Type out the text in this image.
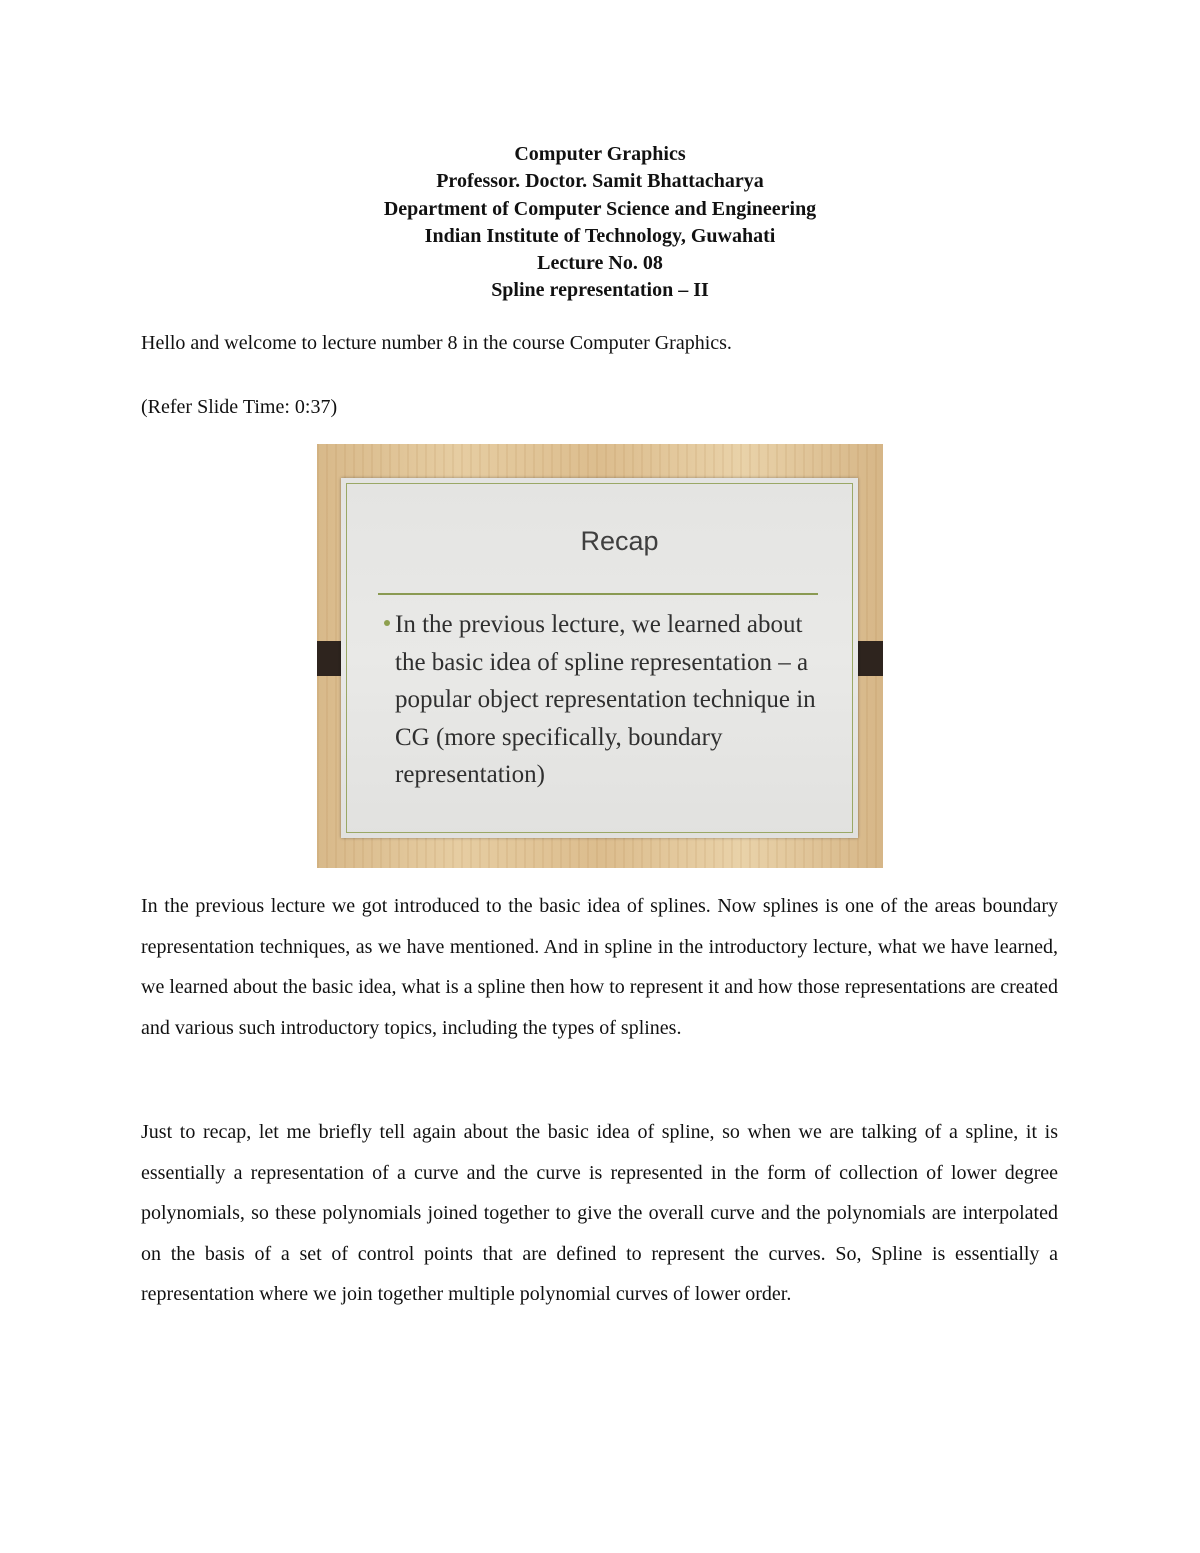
Computer Graphics
Professor. Doctor. Samit Bhattacharya
Department of Computer Science and Engineering
Indian Institute of Technology, Guwahati
Lecture No. 08
Spline representation – II

Hello and welcome to lecture number 8 in the course Computer Graphics.

(Refer Slide Time: 0:37)

Recap
In the previous lecture, we learned about the basic idea of spline representation – a popular object representation technique in CG (more specifically, boundary representation)

In the previous lecture we got introduced to the basic idea of splines. Now splines is one of the areas boundary representation techniques, as we have mentioned. And in spline in the introductory lecture, what we have learned, we learned about the basic idea, what is a spline then how to represent it and how those representations are created and various such introductory topics, including the types of splines.

Just to recap, let me briefly tell again about the basic idea of spline, so when we are talking of a spline, it is essentially a representation of a curve and the curve is represented in the form of collection of lower degree polynomials, so these polynomials joined together to give the overall curve and the polynomials are interpolated on the basis of a set of control points that are defined to represent the curves. So, Spline is essentially a representation where we join together multiple polynomial curves of lower order.
